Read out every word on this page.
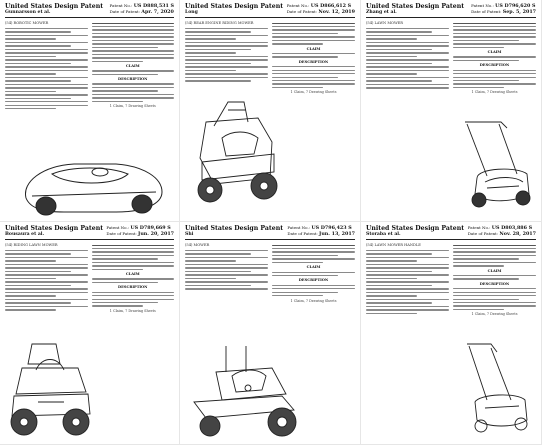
United States Design Patent
Gunnarsson et al.
Patent No.: US D888,531 S
Date of Patent: Apr. 7, 2020
(54) ROBOTIC MOWER
CLAIM
DESCRIPTION
1 Claim, 7 Drawing Sheets
United States Design Patent
Long
Patent No.: US D866,612 S
Date of Patent: Nov. 12, 2019
(54) REAR ENGINE RIDING MOWER
CLAIM
DESCRIPTION
1 Claim, 7 Drawing Sheets
United States Design Patent
Zhang et al.
Patent No.: US D796,620 S
Date of Patent: Sep. 5, 2017
(54) LAWN MOWER
CLAIM
DESCRIPTION
1 Claim, 7 Drawing Sheets
United States Design Patent
Bousaura et al.
Patent No.: US D789,669 S
Date of Patent: Jun. 20, 2017
(54) RIDING LAWN MOWER
CLAIM
DESCRIPTION
1 Claim, 7 Drawing Sheets
United States Design Patent
Shi
Patent No.: US D796,423 S
Date of Patent: Jun. 13, 2017
(54) MOWER
CLAIM
DESCRIPTION
1 Claim, 7 Drawing Sheets
United States Design Patent
Storaba et al.
Patent No.: US D803,886 S
Date of Patent: Nov. 28, 2017
(54) LAWN MOWER HANDLE
CLAIM
DESCRIPTION
1 Claim, 7 Drawing Sheets
